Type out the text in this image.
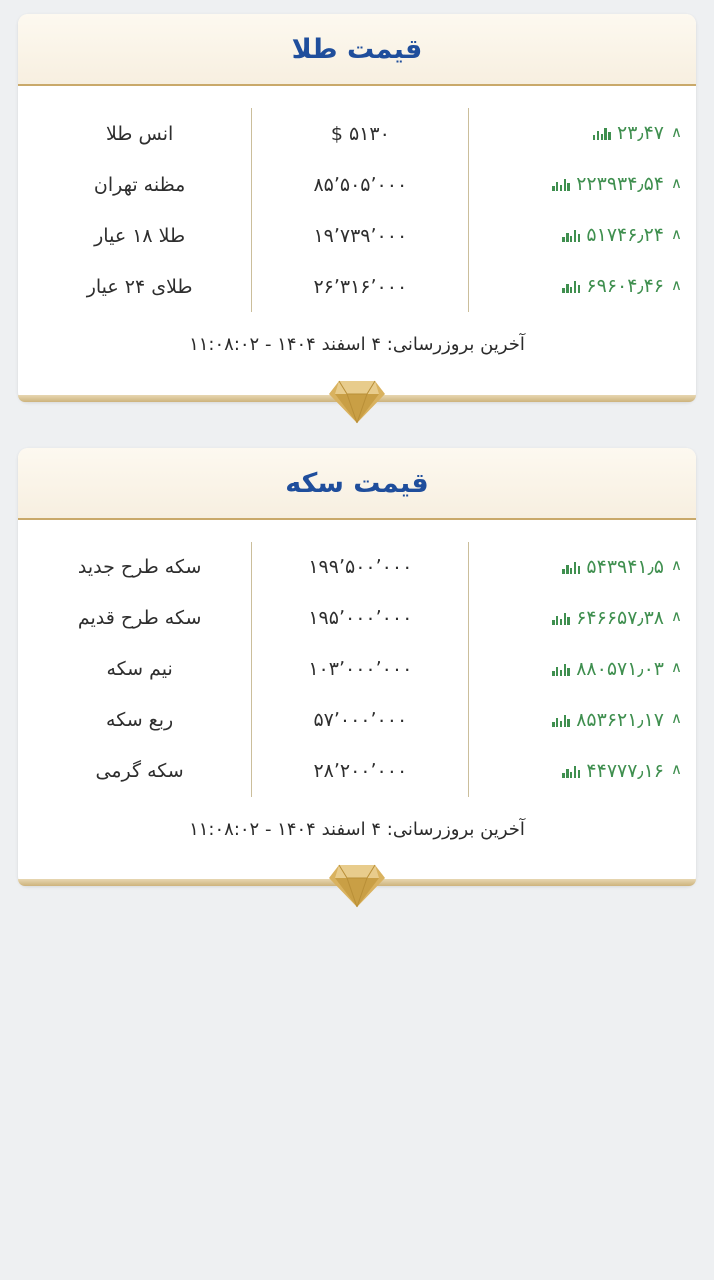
قیمت طلا
۲۳٫۴۷ ∧	۵۱۳۰ $	انس طلا

۲۲۳۹۳۴٫۵۴ ∧	۸۵٬۵۰۵٬۰۰۰	مظنه تهران

۵۱۷۴۶٫۲۴ ∧	۱۹٬۷۳۹٬۰۰۰	طلا ۱۸ عیار

۶۹۶۰۴٫۴۶ ∧	۲۶٬۳۱۶٬۰۰۰	طلای ۲۴ عیار
آخرین بروزرسانی: ۴ اسفند ۱۴۰۴ - ۱۱:۰۸:۰۲
قیمت سکه
۵۴۳۹۴۱٫۵ ∧	۱۹۹٬۵۰۰٬۰۰۰	سکه طرح جدید

۶۴۶۶۵۷٫۳۸ ∧	۱۹۵٬۰۰۰٬۰۰۰	سکه طرح قدیم

۸۸۰۵۷۱٫۰۳ ∧	۱۰۳٬۰۰۰٬۰۰۰	نیم سکه

۸۵۳۶۲۱٫۱۷ ∧	۵۷٬۰۰۰٬۰۰۰	ربع سکه

۴۴۷۷۷٫۱۶ ∧	۲۸٬۲۰۰٬۰۰۰	سکه گرمی
آخرین بروزرسانی: ۴ اسفند ۱۴۰۴ - ۱۱:۰۸:۰۲
